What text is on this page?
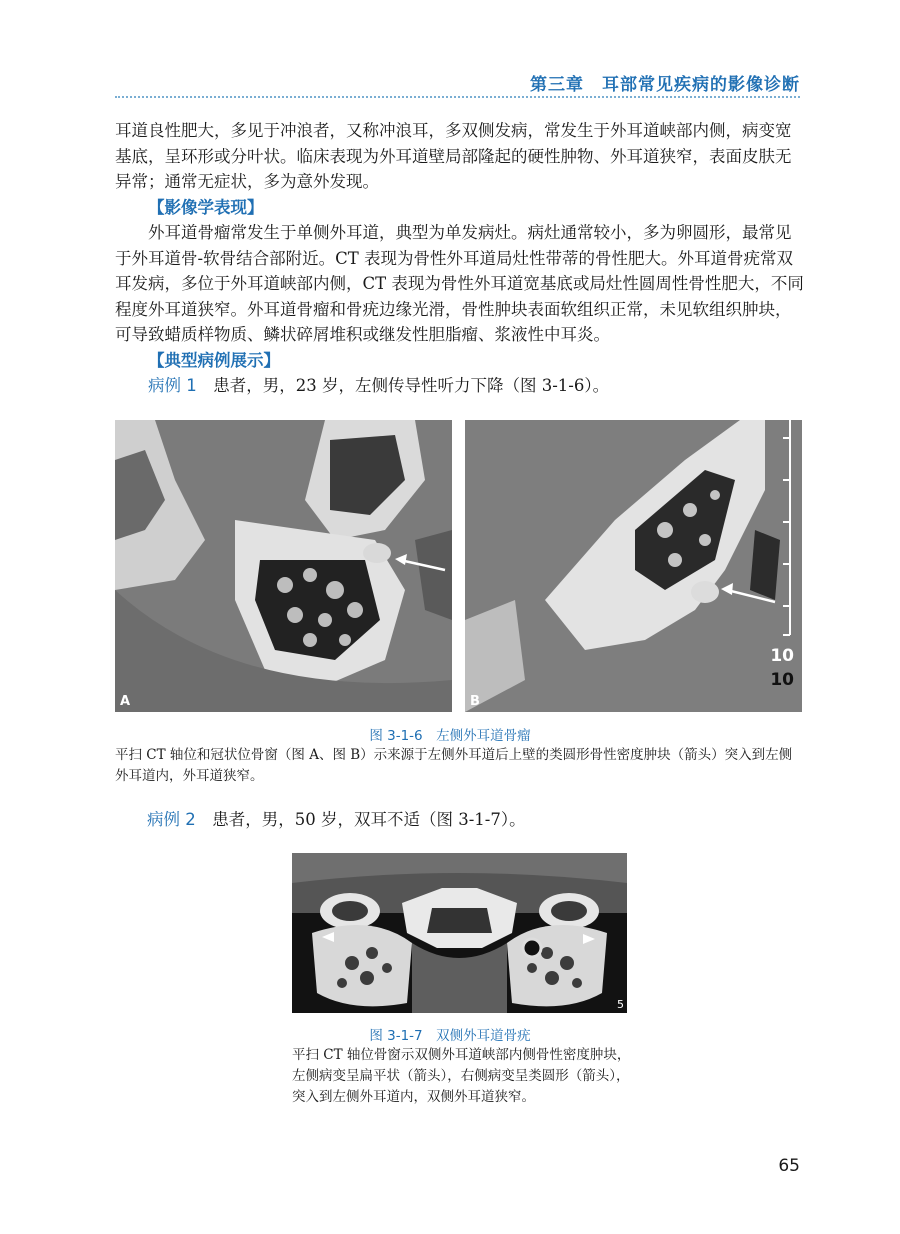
第三章　耳部常见疾病的影像诊断

耳道良性肥大，多见于冲浪者，又称冲浪耳，多双侧发病，常发生于外耳道峡部内侧，病变宽基底，呈环形或分叶状。临床表现为外耳道壁局部隆起的硬性肿物、外耳道狭窄，表面皮肤无异常；通常无症状，多为意外发现。

【影像学表现】

外耳道骨瘤常发生于单侧外耳道，典型为单发病灶。病灶通常较小，多为卵圆形，最常见于外耳道骨-软骨结合部附近。CT 表现为骨性外耳道局灶性带蒂的骨性肥大。外耳道骨疣常双耳发病，多位于外耳道峡部内侧，CT 表现为骨性外耳道宽基底或局灶性圆周性骨性肥大，不同程度外耳道狭窄。外耳道骨瘤和骨疣边缘光滑，骨性肿块表面软组织正常，未见软组织肿块，可导致蜡质样物质、鳞状碎屑堆积或继发性胆脂瘤、浆液性中耳炎。

【典型病例展示】

病例 1　 患者，男，23 岁，左侧传导性听力下降（图 3-1-6）。

A
10
10
B
图 3-1-6　左侧外耳道骨瘤
平扫 CT 轴位和冠状位骨窗（图 A、图 B）示来源于左侧外耳道后上壁的类圆形骨性密度肿块（箭头）突入到左侧外耳道内，外耳道狭窄。
病例 2　 患者，男，50 岁，双耳不适（图 3-1-7）。
5
图 3-1-7　双侧外耳道骨疣
平扫 CT 轴位骨窗示双侧外耳道峡部内侧骨性密度肿块，左侧病变呈扁平状（箭头），右侧病变呈类圆形（箭头），突入到左侧外耳道内，双侧外耳道狭窄。
65
